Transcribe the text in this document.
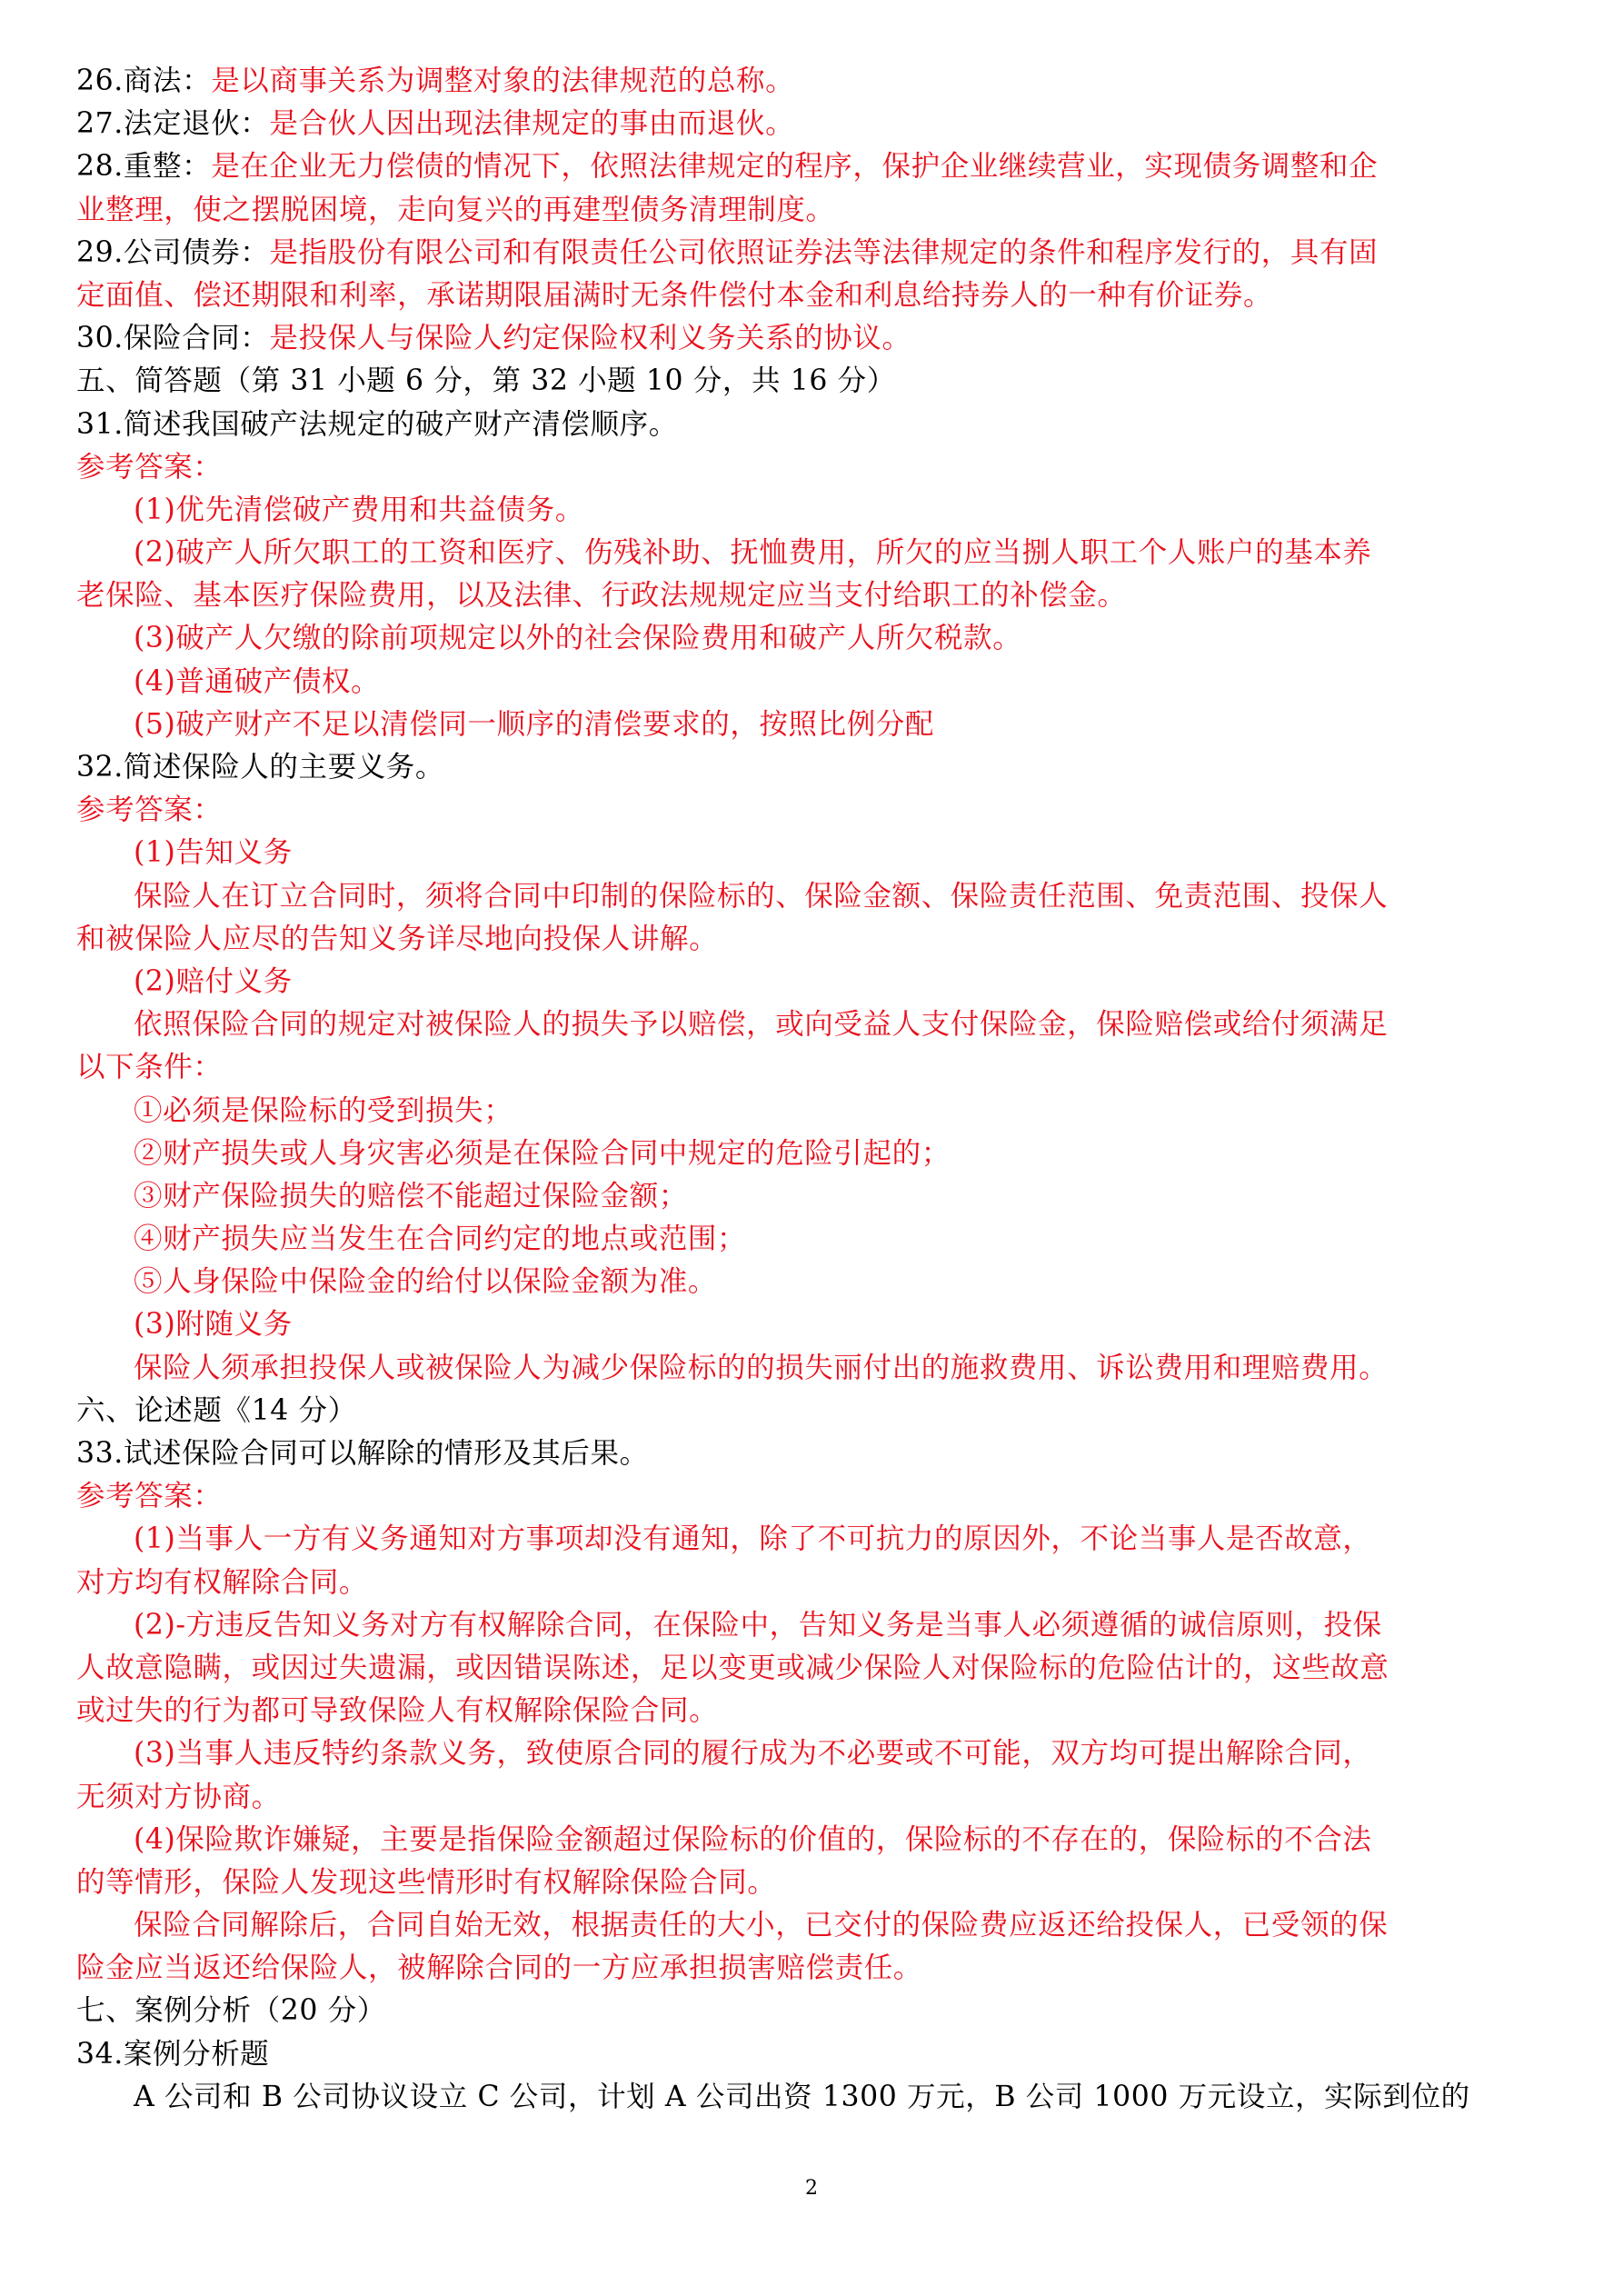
26.商法：是以商事关系为调整对象的法律规范的总称。
27.法定退伙：是合伙人因出现法律规定的事由而退伙。
28.重整：是在企业无力偿债的情况下，依照法律规定的程序，保护企业继续营业，实现债务调整和企
业整理，使之摆脱困境，走向复兴的再建型债务清理制度。
29.公司债券：是指股份有限公司和有限责任公司依照证券法等法律规定的条件和程序发行的，具有固
定面值、偿还期限和利率，承诺期限届满时无条件偿付本金和利息给持券人的一种有价证券。
30.保险合同：是投保人与保险人约定保险权利义务关系的协议。
五、简答题（第 31 小题 6 分，第 32 小题 10 分，共 16 分）
31.简述我国破产法规定的破产财产清偿顺序。
参考答案：
(1)优先清偿破产费用和共益债务。
(2)破产人所欠职工的工资和医疗、伤残补助、抚恤费用，所欠的应当捌人职工个人账户的基本养
老保险、基本医疗保险费用，以及法律、行政法规规定应当支付给职工的补偿金。
(3)破产人欠缴的除前项规定以外的社会保险费用和破产人所欠税款。
(4)普通破产债权。
(5)破产财产不足以清偿同一顺序的清偿要求的，按照比例分配
32.简述保险人的主要义务。
参考答案：
(1)告知义务
保险人在订立合同时，须将合同中印制的保险标的、保险金额、保险责任范围、免责范围、投保人
和被保险人应尽的告知义务详尽地向投保人讲解。
(2)赔付义务
依照保险合同的规定对被保险人的损失予以赔偿，或向受益人支付保险金，保险赔偿或给付须满足
以下条件：
①必须是保险标的受到损失；
②财产损失或人身灾害必须是在保险合同中规定的危险引起的；
③财产保险损失的赔偿不能超过保险金额；
④财产损失应当发生在合同约定的地点或范围；
⑤人身保险中保险金的给付以保险金额为准。
(3)附随义务
保险人须承担投保人或被保险人为减少保险标的的损失丽付出的施救费用、诉讼费用和理赔费用。
六、论述题《14 分）
33.试述保险合同可以解除的情形及其后果。
参考答案：
(1)当事人一方有义务通知对方事项却没有通知，除了不可抗力的原因外，不论当事人是否故意，
对方均有权解除合同。
(2)-方违反告知义务对方有权解除合同，在保险中，告知义务是当事人必须遵循的诚信原则，投保
人故意隐瞒，或因过失遗漏，或因错误陈述，足以变更或减少保险人对保险标的危险估计的，这些故意
或过失的行为都可导致保险人有权解除保险合同。
(3)当事人违反特约条款义务，致使原合同的履行成为不必要或不可能，双方均可提出解除合同，
无须对方协商。
(4)保险欺诈嫌疑，主要是指保险金额超过保险标的价值的，保险标的不存在的，保险标的不合法
的等情形，保险人发现这些情形时有权解除保险合同。
保险合同解除后，合同自始无效，根据责任的大小，已交付的保险费应返还给投保人，已受领的保
险金应当返还给保险人，被解除合同的一方应承担损害赔偿责任。
七、案例分析（20 分）
34.案例分析题
A 公司和 B 公司协议设立 C 公司，计划 A 公司出资 1300 万元，B 公司 1000 万元设立，实际到位的
2
